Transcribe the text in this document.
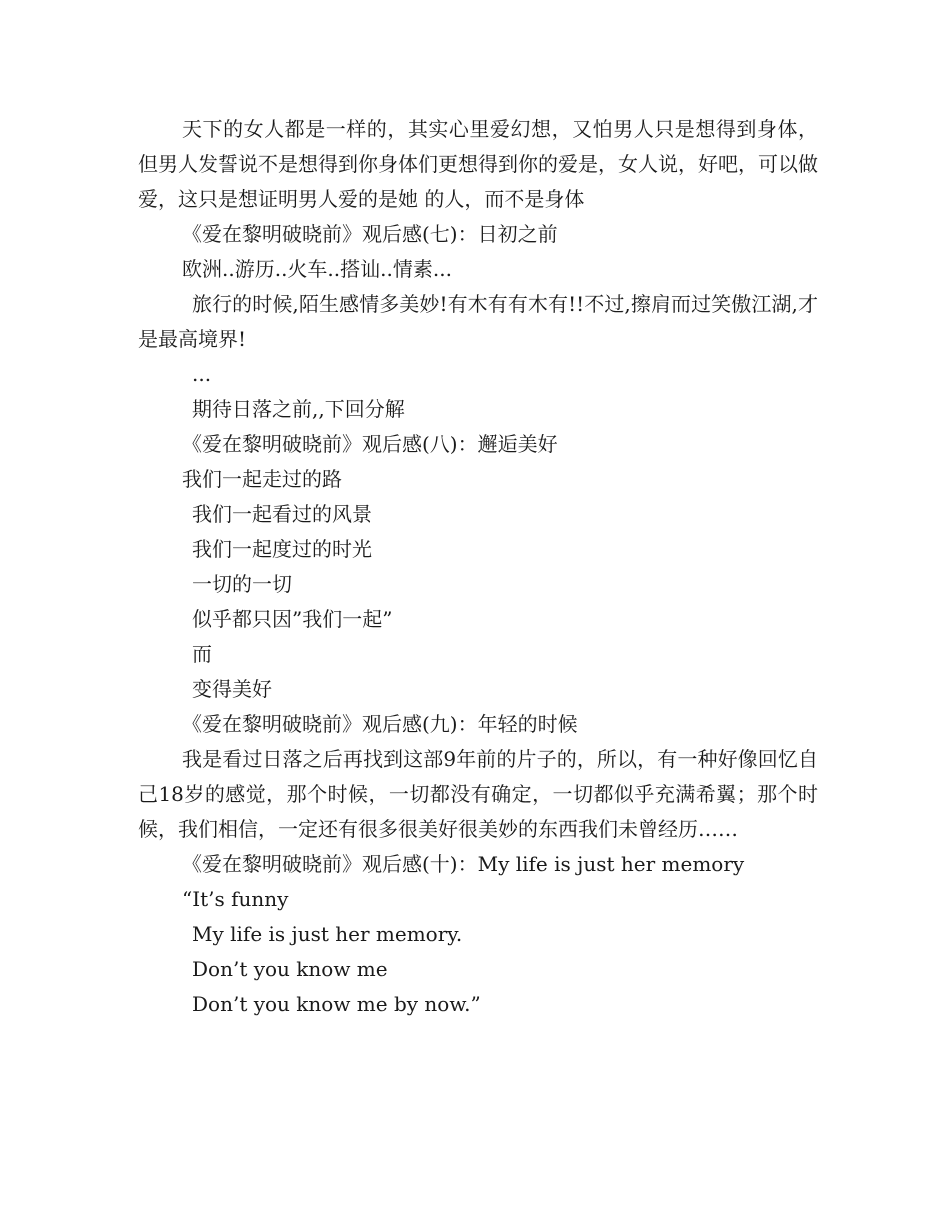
天下的女人都是一样的，其实心里爱幻想，又怕男人只是想得到身体，但男人发誓说不是想得到你身体们更想得到你的爱是，女人说，好吧，可以做爱，这只是想证明男人爱的是她 的人，而不是身体

《爱在黎明破晓前》观后感(七)：日初之前

欧洲..游历..火车..搭讪..情素...

旅行的时候,陌生感情多美妙!有木有有木有!!不过,擦肩而过笑傲江湖,才是最高境界!

...

期待日落之前,,下回分解

《爱在黎明破晓前》观后感(八)：邂逅美好

我们一起走过的路

我们一起看过的风景

我们一起度过的时光

一切的一切

似乎都只因”我们一起”

而

变得美好

《爱在黎明破晓前》观后感(九)：年轻的时候

我是看过日落之后再找到这部9年前的片子的，所以，有一种好像回忆自己18岁的感觉，那个时候，一切都没有确定，一切都似乎充满希翼；那个时候，我们相信，一定还有很多很美好很美妙的东西我们未曾经历……

《爱在黎明破晓前》观后感(十)：My life is just her memory

“It’s funny

My life is just her memory.

Don’t you know me

Don’t you know me by now.”
